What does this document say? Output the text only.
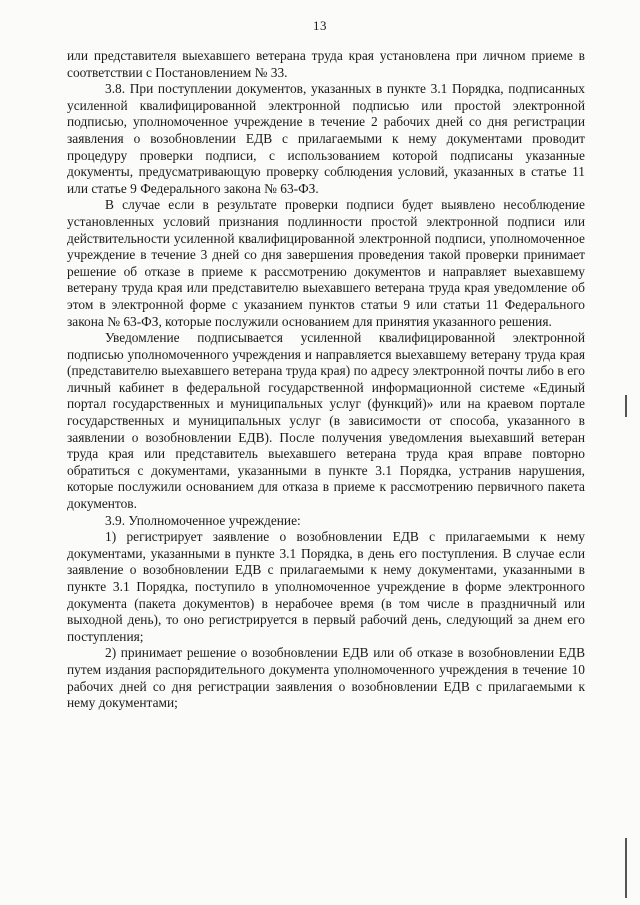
13

или представителя выехавшего ветерана труда края установлена при личном приеме в соответствии с Постановлением № 33.

3.8. При поступлении документов, указанных в пункте 3.1 Порядка, подписанных усиленной квалифицированной электронной подписью или простой электронной подписью, уполномоченное учреждение в течение 2 рабочих дней со дня регистрации заявления о возобновлении ЕДВ с прилагаемыми к нему документами проводит процедуру проверки подписи, с использованием которой подписаны указанные документы, предусматривающую проверку соблюдения условий, указанных в статье 11 или статье 9 Федерального закона № 63-ФЗ.

В случае если в результате проверки подписи будет выявлено несоблюдение установленных условий признания подлинности простой электронной подписи или действительности усиленной квалифицированной электронной подписи, уполномоченное учреждение в течение 3 дней со дня завершения проведения такой проверки принимает решение об отказе в приеме к рассмотрению документов и направляет выехавшему ветерану труда края или представителю выехавшего ветерана труда края уведомление об этом в электронной форме с указанием пунктов статьи 9 или статьи 11 Федерального закона № 63-ФЗ, которые послужили основанием для принятия указанного решения.

Уведомление подписывается усиленной квалифицированной электронной подписью уполномоченного учреждения и направляется выехавшему ветерану труда края (представителю выехавшего ветерана труда края) по адресу электронной почты либо в его личный кабинет в федеральной государственной информационной системе «Единый портал государственных и муниципальных услуг (функций)» или на краевом портале государственных и муниципальных услуг (в зависимости от способа, указанного в заявлении о возобновлении ЕДВ). После получения уведомления выехавший ветеран труда края или представитель выехавшего ветерана труда края вправе повторно обратиться с документами, указанными в пункте 3.1 Порядка, устранив нарушения, которые послужили основанием для отказа в приеме к рассмотрению первичного пакета документов.

3.9. Уполномоченное учреждение:

1) регистрирует заявление о возобновлении ЕДВ с прилагаемыми к нему документами, указанными в пункте 3.1 Порядка, в день его поступления. В случае если заявление о возобновлении ЕДВ с прилагаемыми к нему документами, указанными в пункте 3.1 Порядка, поступило в уполномоченное учреждение в форме электронного документа (пакета документов) в нерабочее время (в том числе в праздничный или выходной день), то оно регистрируется в первый рабочий день, следующий за днем его поступления;

2) принимает решение о возобновлении ЕДВ или об отказе в возобновлении ЕДВ путем издания распорядительного документа уполномоченного учреждения в течение 10 рабочих дней со дня регистрации заявления о возобновлении ЕДВ с прилагаемыми к нему документами;
